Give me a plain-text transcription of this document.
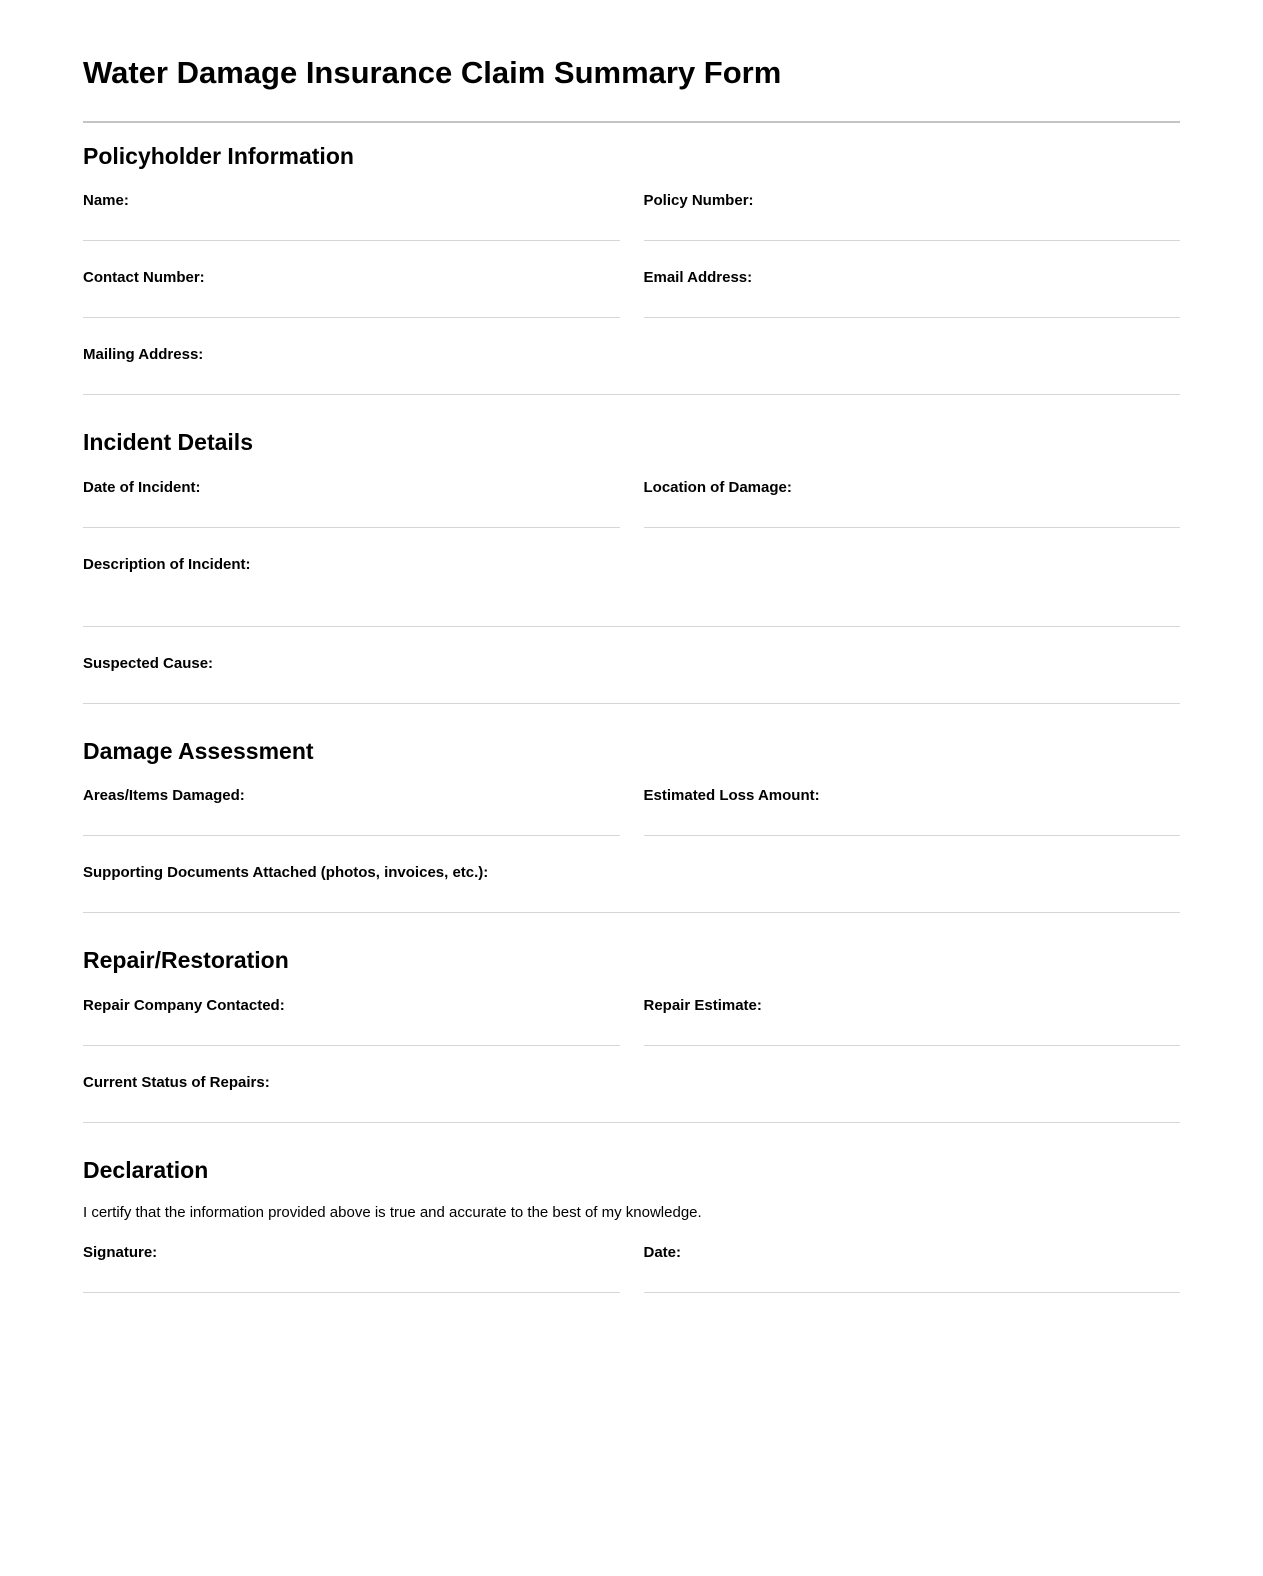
Water Damage Insurance Claim Summary Form
Policyholder Information
Name:	Policy Number:
Contact Number:	Email Address:
Mailing Address:
Incident Details
Date of Incident:	Location of Damage:
Description of Incident:
Suspected Cause:
Damage Assessment
Areas/Items Damaged:	Estimated Loss Amount:
Supporting Documents Attached (photos, invoices, etc.):
Repair/Restoration
Repair Company Contacted:	Repair Estimate:
Current Status of Repairs:
Declaration

I certify that the information provided above is true and accurate to the best of my knowledge.

Signature:	Date:
